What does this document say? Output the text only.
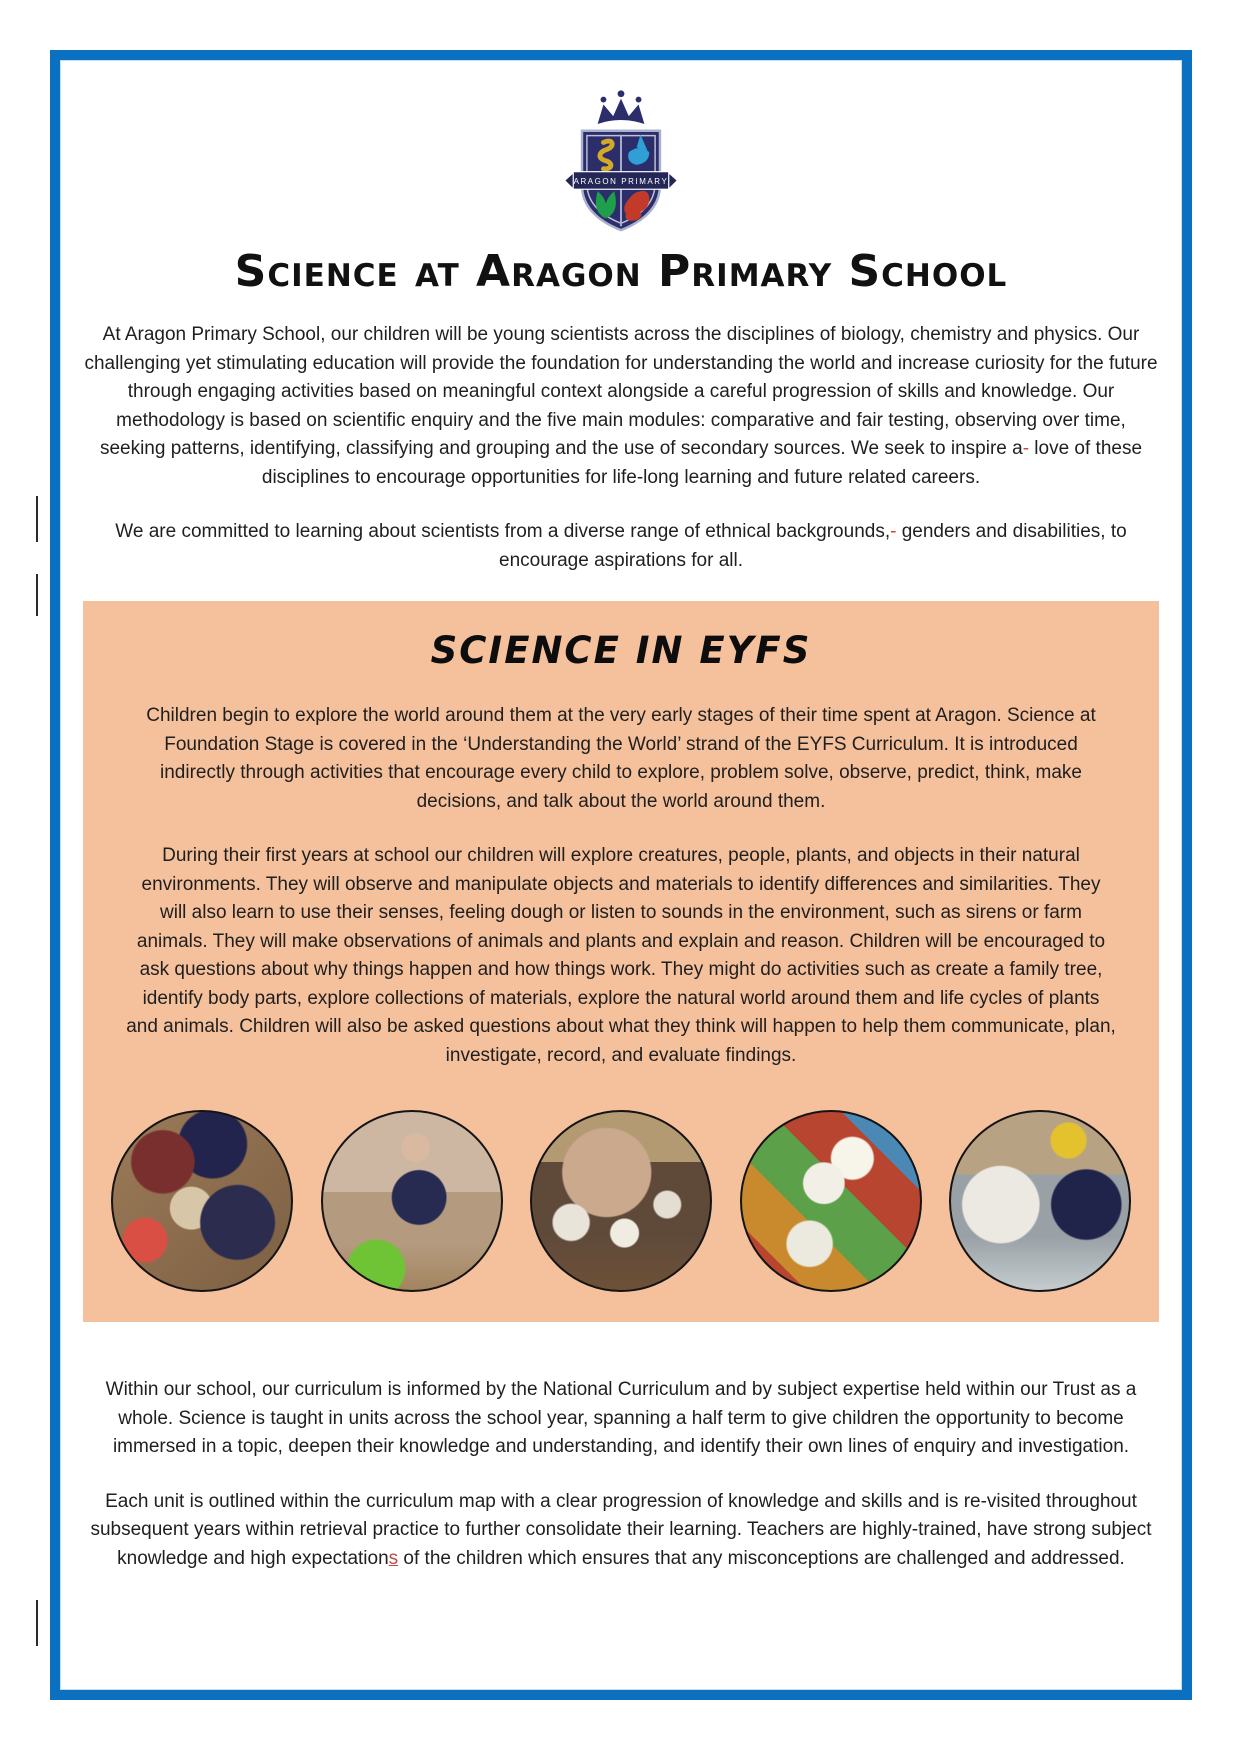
ARAGON PRIMARY
Science at Aragon Primary School

At Aragon Primary School, our children will be young scientists across the disciplines of biology, chemistry and physics. Our challenging yet stimulating education will provide the foundation for understanding the world and increase curiosity for the future through engaging activities based on meaningful context alongside a careful progression of skills and knowledge. Our methodology is based on scientific enquiry and the five main modules: comparative and fair testing, observing over time, seeking patterns, identifying, classifying and grouping and the use of secondary sources. We seek to inspire a- love of these disciplines to encourage opportunities for life-long learning and future related careers.

We are committed to learning about scientists from a diverse range of ethnical backgrounds,- genders and disabilities, to encourage aspirations for all.

SCIENCE IN EYFS

Children begin to explore the world around them at the very early stages of their time spent at Aragon. Science at Foundation Stage is covered in the ‘Understanding the World’ strand of the EYFS Curriculum. It is introduced indirectly through activities that encourage every child to explore, problem solve, observe, predict, think, make decisions, and talk about the world around them.

During their first years at school our children will explore creatures, people, plants, and objects in their natural environments. They will observe and manipulate objects and materials to identify differences and similarities. They will also learn to use their senses, feeling dough or listen to sounds in the environment, such as sirens or farm animals. They will make observations of animals and plants and explain and reason. Children will be encouraged to ask questions about why things happen and how things work. They might do activities such as create a family tree, identify body parts, explore collections of materials, explore the natural world around them and life cycles of plants and animals. Children will also be asked questions about what they think will happen to help them communicate, plan, investigate, record, and evaluate findings.

Within our school, our curriculum is informed by the National Curriculum and by subject expertise held within our Trust as a whole. Science is taught in units across the school year, spanning a half term to give children the opportunity to become immersed in a topic, deepen their knowledge and understanding, and identify their own lines of enquiry and investigation.

Each unit is outlined within the curriculum map with a clear progression of knowledge and skills and is re-visited throughout subsequent years within retrieval practice to further consolidate their learning. Teachers are highly-trained, have strong subject knowledge and high expectations of the children which ensures that any misconceptions are challenged and addressed.
